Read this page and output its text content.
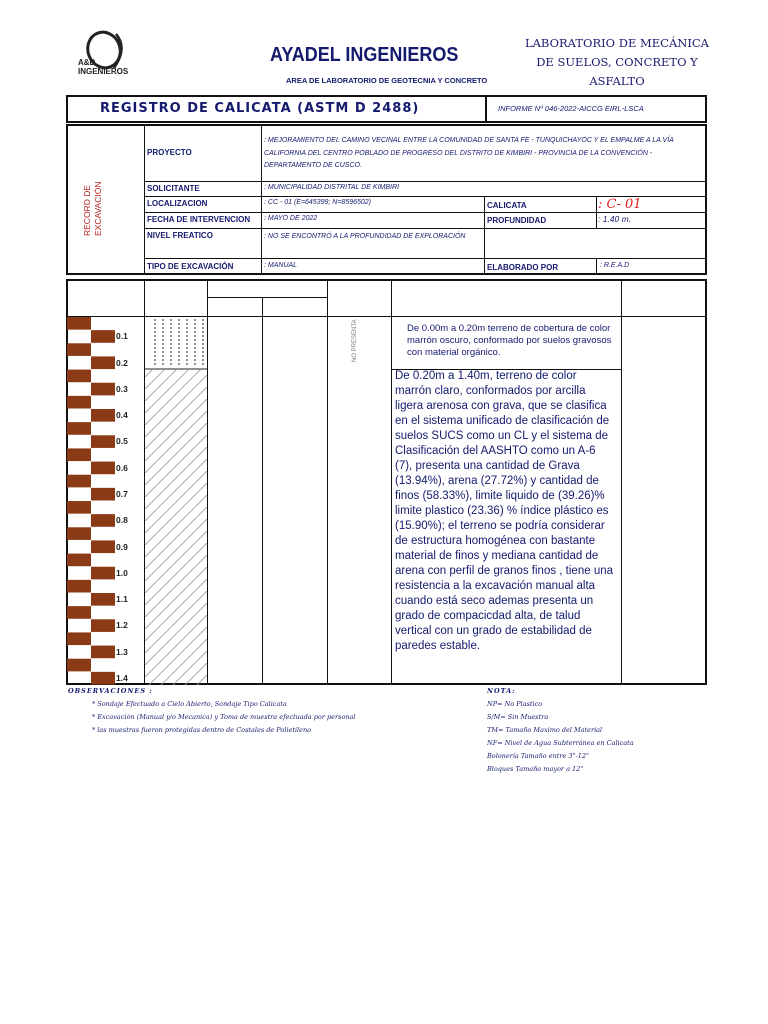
A&D
INGENIEROS
AYADEL INGENIEROS
AREA DE LABORATORIO DE GEOTECNIA Y CONCRETO
LABORATORIO DE MECÁNICA
DE SUELOS, CONCRETO Y
ASFALTO
REGISTRO DE CALICATA (ASTM D 2488)	INFORME Nº 046-2022-AICCG EIRL-LSCA
RECORD DE EXCAVACIÓN
PROYECTO
: MEJORAMIENTO DEL CAMINO VECINAL ENTRE LA COMUNIDAD DE SANTA FE - TUNQUICHAYOC Y EL EMPALME A LA VÍA CALIFORNIA DEL CENTRO POBLADO DE PROGRESO DEL DISTRITO DE KIMBIRI - PROVINCIA DE LA CONVENCIÓN - DEPARTAMENTO DE CUSCO.
SOLICITANTE	: MUNICIPALIDAD DISTRITAL DE KIMBIRI
LOCALIZACION	: CC - 01 (E=645399; N=8596502)
FECHA DE INTERVENCION : MAYO DE 2022
NIVEL FREATICO	: NO SE ENCONTRÓ A LA PROFUNDIDAD DE EXPLORACIÓN
TIPO DE EXCAVACIÓN	: MANUAL
CALICATA	: C- 01
PROFUNDIDAD	: 1.40 m.
ELABORADO POR	: R.E.A.D
0.1
0.2
0.3
0.4
0.5
0.6
0.7
0.8
0.9
1.0
1.1
1.2
1.3
1.4
NO PRESENTA	De 0.00m a 0.20m terreno de cobertura de color marrón oscuro, conformado por suelos gravosos con material orgánico.
De 0.20m a 1.40m, terreno de color marrón claro, conformados por arcilla ligera arenosa con grava, que se clasifica en el sistema unificado de clasificación de suelos SUCS como un CL y el sistema de Clasificación del AASHTO como un A-6 (7), presenta una cantidad de Grava (13.94%), arena (27.72%) y cantidad de finos (58.33%), limite liquido de (39.26)% limite plastico (23.36) % índice plástico es (15.90%); el terreno se podría considerar de estructura homogénea con bastante material de finos y mediana cantidad de arena con perfil de granos finos , tiene una resistencia a la excavación manual alta cuando está seco ademas presenta un grado de compacicdad alta, de talud vertical con un grado de estabilidad de paredes estable.
OBSERVACIONES :
* Sondaje Efectuado a Cielo Abierto, Sondaje Tipo Calicata
* Excavación (Manual y/o Mecanica) y Toma de muestra efectuada por personal
* las muestras fueron protegidas dentro de Costales de Polietileno
NOTA:
NP= No Plastico
S/M= Sin Muestra
TM= Tamaño Maximo del Material
NF= Nivel de Agua Subterránea en Calicata
Bolonería Tamaño entre 3"-12"
Bloques Tamaño mayor a 12"
